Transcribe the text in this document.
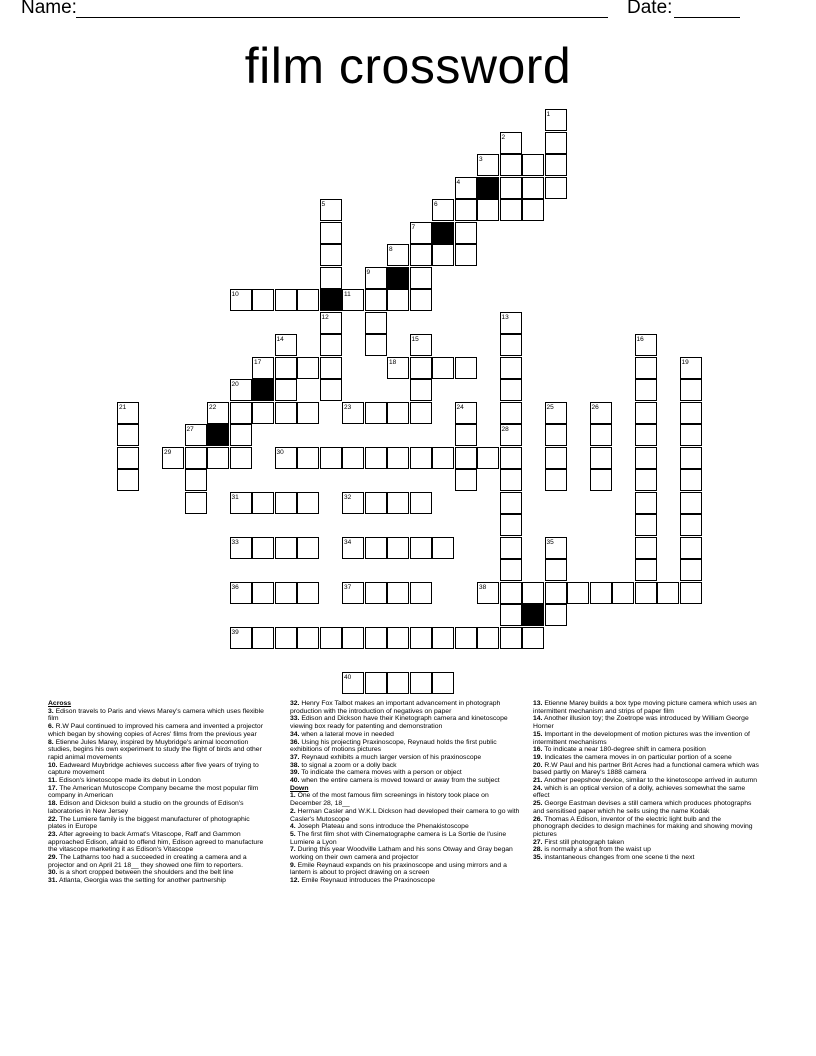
Name:	Date:
film crossword
1
2
3
4
6
5
12
7
8
9
10	11
13
14	15	16
17	18	19
20
21	22	23	24	25	26
27	28
29	30
31	32
33	34	35
36	37	38
39
40
Across
3. Edison travels to Paris and views Marey's camera which uses flexible film
6. R.W Paul continued to improved his camera and invented a projector which began by showing copies of Acres' films from the previous year
8. Etienne Jules Marey, inspired by Muybridge's animal locomotion studies, begins his own experiment to study the flight of birds and other rapid animal movements
10. Eadweard Muybridge achieves success after five years of trying to capture movement
11. Edison's kinetoscope made its debut in London
17. The American Mutoscope Company became the most popular film company in American
18. Edison and Dickson build a studio on the grounds of Edison's laboratories in New Jersey
22. The Lumiere family is the biggest manufacturer of photographic plates in Europe
23. After agreeing to back Armat's Vitascope, Raff and Gammon approached Edison, afraid to offend him, Edison agreed to manufacture the vitascope marketing it as Edison's Vitascope
29. The Latharns too had a succeeded in creating a camera and a projector and on April 21 18__ they showed one film to reporters.
30. is a short cropped between the shoulders and the belt line
31. Atlanta, Georgia was the setting for another partnership
32. Henry Fox Talbot makes an important advancement in photograph production with the introduction of negatives on paper
33. Edison and Dickson have their Kinetograph camera and kinetoscope viewing box ready for patenting and demonstration
34. when a lateral move in needed
36. Using his projecting Praxinoscope, Reynaud holds the first public exhibitions of motions pictures
37. Reynaud exhibits a much larger version of his praxinoscope
38. to signal a zoom or a dolly back
39. To indicate the camera moves with a person or object
40. when the entire camera is moved toward or away from the subject
Down
1. One of the most famous film screenings in history took place on December 28, 18__
2. Herman Casler and W.K.L Dickson had developed their camera to go with Casler's Mutoscope
4. Joseph Plateau and sons introduce the Phenakistoscope
5. The first film shot with Cinematographe camera is La Sortie de l'usine Lumiere a Lyon
7. During this year Woodville Latham and his sons Otway and Gray began working on their own camera and projector
9. Emile Reynaud expands on his praxinoscope and using mirrors and a lantern is about to project drawing on a screen
12. Emile Reynaud introduces the Praxinoscope
13. Etienne Marey builds a box type moving picture camera which uses an intermittent mechanism and strips of paper film
14. Another illusion toy; the Zoetrope was introduced by William George Horner
15. Important in the development of motion pictures was the invention of intermittent mechanisms
16. To indicate a near 180-degree shift in camera position
19. Indicates the camera moves in on particular portion of a scene
20. R.W Paul and his partner Brit Acres had a functional camera which was based partly on Marey's 1888 camera
21. Another peepshow device, similar to the kinetoscope arrived in autumn
24. which is an optical version of a dolly, achieves somewhat the same effect
25. George Eastman devises a still camera which produces photographs and sensitised paper which he sells using the name Kodak
26. Thomas A Edison, inventor of the electric light bulb and the phonograph decides to design machines for making and showing moving pictures
27. First still photograph taken
28. is normally a shot from the waist up
35. instantaneous changes from one scene ti the next
